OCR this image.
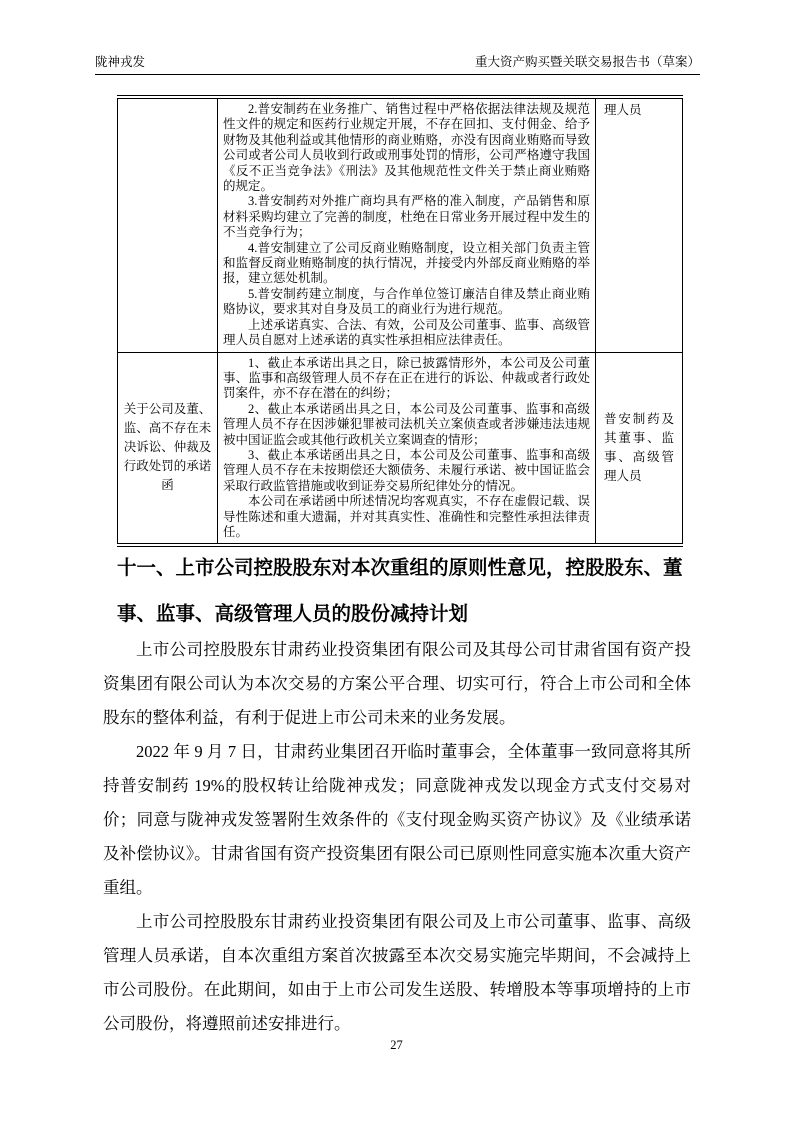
陇神戎发	重大资产购买暨关联交易报告书（草案）

	2.普安制药在业务推广、销售过程中严格依据法律法规及规范性文件的规定和医药行业规定开展，不存在回扣、支付佣金、给予财物及其他利益或其他情形的商业贿赂，亦没有因商业贿赂而导致公司或者公司人员收到行政或刑事处罚的情形，公司严格遵守我国《反不正当竞争法》《刑法》及其他规范性文件关于禁止商业贿赂的规定。

3.普安制药对外推广商均具有严格的准入制度，产品销售和原材料采购均建立了完善的制度，杜绝在日常业务开展过程中发生的不当竞争行为；

4.普安制建立了公司反商业贿赂制度，设立相关部门负责主管和监督反商业贿赂制度的执行情况，并接受内外部反商业贿赂的举报，建立惩处机制。

5.普安制药建立制度，与合作单位签订廉洁自律及禁止商业贿赂协议，要求其对自身及员工的商业行为进行规范。

上述承诺真实、合法、有效，公司及公司董事、监事、高级管理人员自愿对上述承诺的真实性承担相应法律责任。	理人员
关于公司及董、监、高不存在未决诉讼、仲裁及行政处罚的承诺函	1、截止本承诺出具之日，除已披露情形外，本公司及公司董事、监事和高级管理人员不存在正在进行的诉讼、仲裁或者行政处罚案件，亦不存在潜在的纠纷；

2、截止本承诺函出具之日，本公司及公司董事、监事和高级管理人员不存在因涉嫌犯罪被司法机关立案侦查或者涉嫌违法违规被中国证监会或其他行政机关立案调查的情形；

3、截止本承诺函出具之日，本公司及公司董事、监事和高级管理人员不存在未按期偿还大额债务、未履行承诺、被中国证监会采取行政监管措施或收到证券交易所纪律处分的情况。

本公司在承诺函中所述情况均客观真实，不存在虚假记载、误导性陈述和重大遗漏，并对其真实性、准确性和完整性承担法律责任。	普安制药及其董事、监事、高级管理人员
十一、上市公司控股股东对本次重组的原则性意见，控股股东、董事、监事、高级管理人员的股份减持计划

上市公司控股股东甘肃药业投资集团有限公司及其母公司甘肃省国有资产投资集团有限公司认为本次交易的方案公平合理、切实可行，符合上市公司和全体股东的整体利益，有利于促进上市公司未来的业务发展。

2022 年 9 月 7 日，甘肃药业集团召开临时董事会，全体董事一致同意将其所持普安制药 19%的股权转让给陇神戎发；同意陇神戎发以现金方式支付交易对价；同意与陇神戎发签署附生效条件的《支付现金购买资产协议》及《业绩承诺及补偿协议》。甘肃省国有资产投资集团有限公司已原则性同意实施本次重大资产重组。

上市公司控股股东甘肃药业投资集团有限公司及上市公司董事、监事、高级管理人员承诺，自本次重组方案首次披露至本次交易实施完毕期间，不会减持上市公司股份。在此期间，如由于上市公司发生送股、转增股本等事项增持的上市公司股份，将遵照前述安排进行。

27
